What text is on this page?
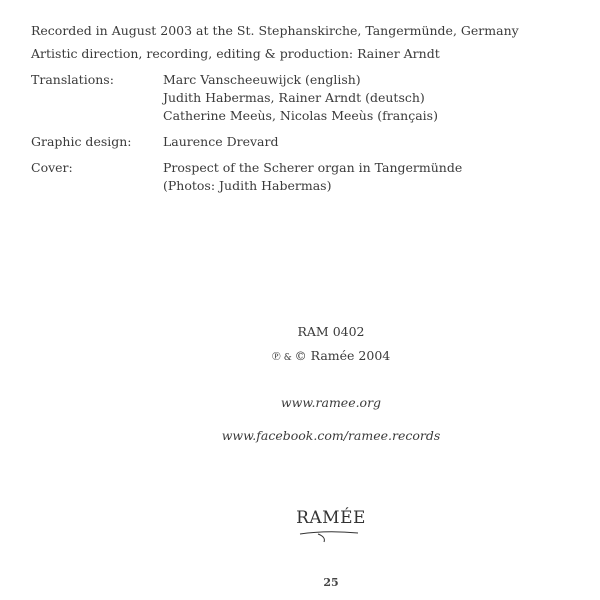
Recorded in August 2003 at the St. Stephanskirche, Tangermünde, Germany
Artistic direction, recording, editing & production: Rainer Arndt
Translations:	Marc Vanscheeuwijck (english)
Judith Habermas, Rainer Arndt (deutsch)
Catherine Meeùs, Nicolas Meeùs (français)
Graphic design:	Laurence Drevard
Cover:	Prospect of the Scherer organ in Tangermünde
(Photos: Judith Habermas)
RAM 0402
℗ & © Ramée 2004
www.ramee.org
www.facebook.com/ramee.records
RAMÉE
25
